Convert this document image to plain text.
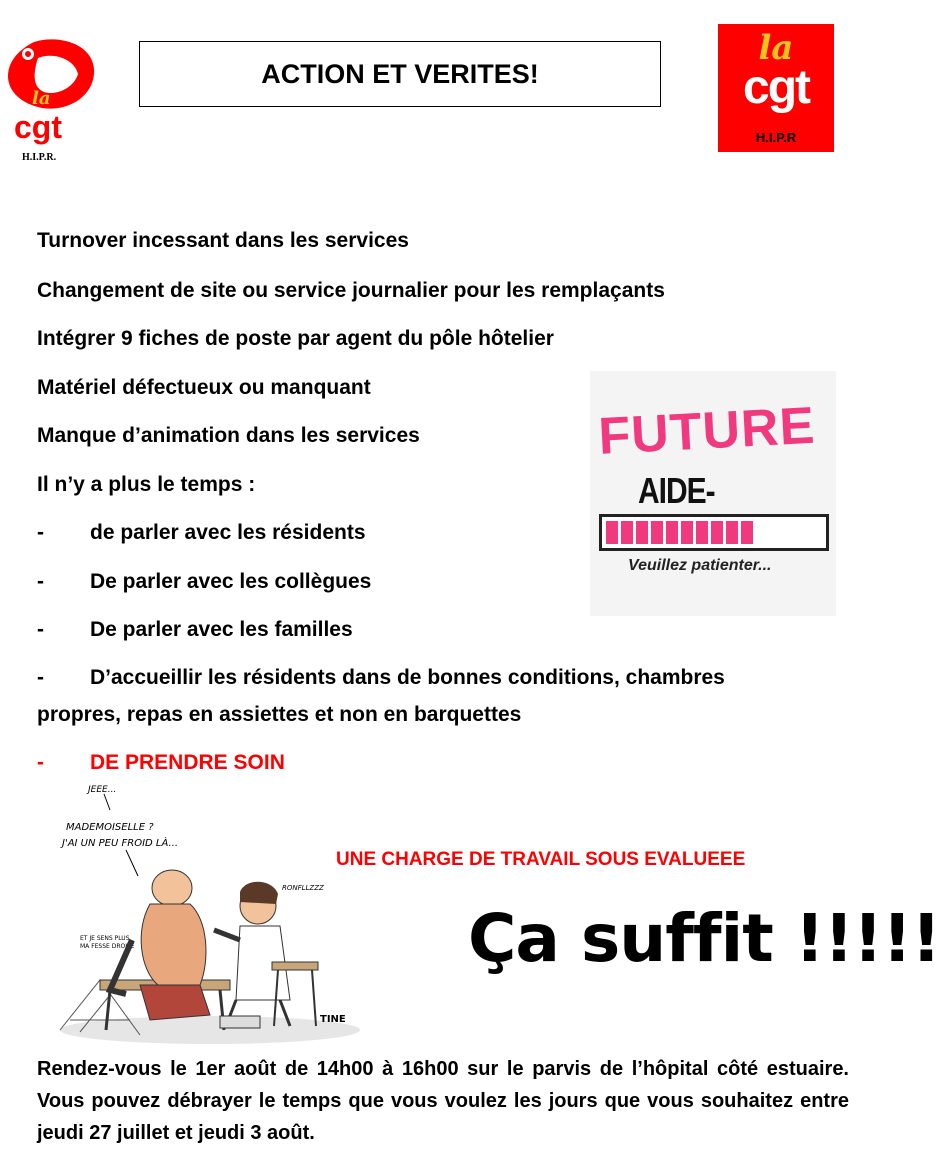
la
cgt
H.I.P.R.
ACTION ET VERITES!
la
cgt
H.I.P.R
Turnover incessant dans les services
Changement de site ou service journalier pour les remplaçants
Intégrer 9 fiches de poste par agent du pôle hôtelier
Matériel défectueux ou manquant
Manque d’animation dans les services
Il n’y a plus le temps :
- de parler avec les résidents
- De parler avec les collègues
- De parler avec les familles
- D’accueillir les résidents dans de bonnes conditions, chambres
propres, repas en assiettes et non en barquettes
- DE PRENDRE SOIN
FUTURE
AIDE-
Veuillez patienter...
JEEE...
MADEMOISELLE ?
J'AI UN PEU FROID LÀ...
ET JE SENS PLUS
MA FESSE DROITE
RONFLLZZZ
TINE
UNE CHARGE DE TRAVAIL SOUS EVALUEEE
Ça suffit !!!!!
Rendez-vous le 1er août de 14h00 à 16h00 sur le parvis de l’hôpital côté estuaire. Vous pouvez débrayer le temps que vous voulez les jours que vous souhaitez entre jeudi 27 juillet et jeudi 3 août.
